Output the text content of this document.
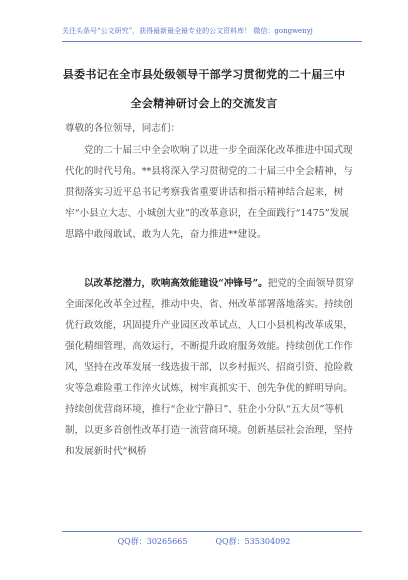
关注头条号“公文研究”，获得最新最全最专业的公文资料库！ 微信：gongwenyj
县委书记在全市县处级领导干部学习贯彻党的二十届三中
全会精神研讨会上的交流发言
尊敬的各位领导，同志们：
党的二十届三中全会吹响了以进一步全面深化改革推进中国式现代化的时代号角。**县将深入学习贯彻党的二十届三中全会精神，与贯彻落实习近平总书记考察我省重要讲话和指示精神结合起来，树牢“小县立大志、小城创大业”的改革意识，在全面践行“1475”发展思路中敢闯敢试、敢为人先，奋力推进**建设。
以改革挖潜力，吹响高效能建设“冲锋号”。把党的全面领导贯穿全面深化改革全过程，推动中央、省、州改革部署落地落实。持续创优行政效能，巩固提升产业园区改革试点、人口小县机构改革成果，强化精细管理、高效运行，不断提升政府服务效能。持续创优工作作风，坚持在改革发展一线选拔干部，以乡村振兴、招商引资、抢险救灾等急难险重工作淬火试炼，树牢真抓实干、创先争优的鲜明导向。持续创优营商环境，推行“企业宁静日”、驻企小分队“五大员”等机制，以更多首创性改革打造一流营商环境。创新基层社会治理，坚持和发展新时代“枫桥
QQ群：30265665	QQ群：535304092
